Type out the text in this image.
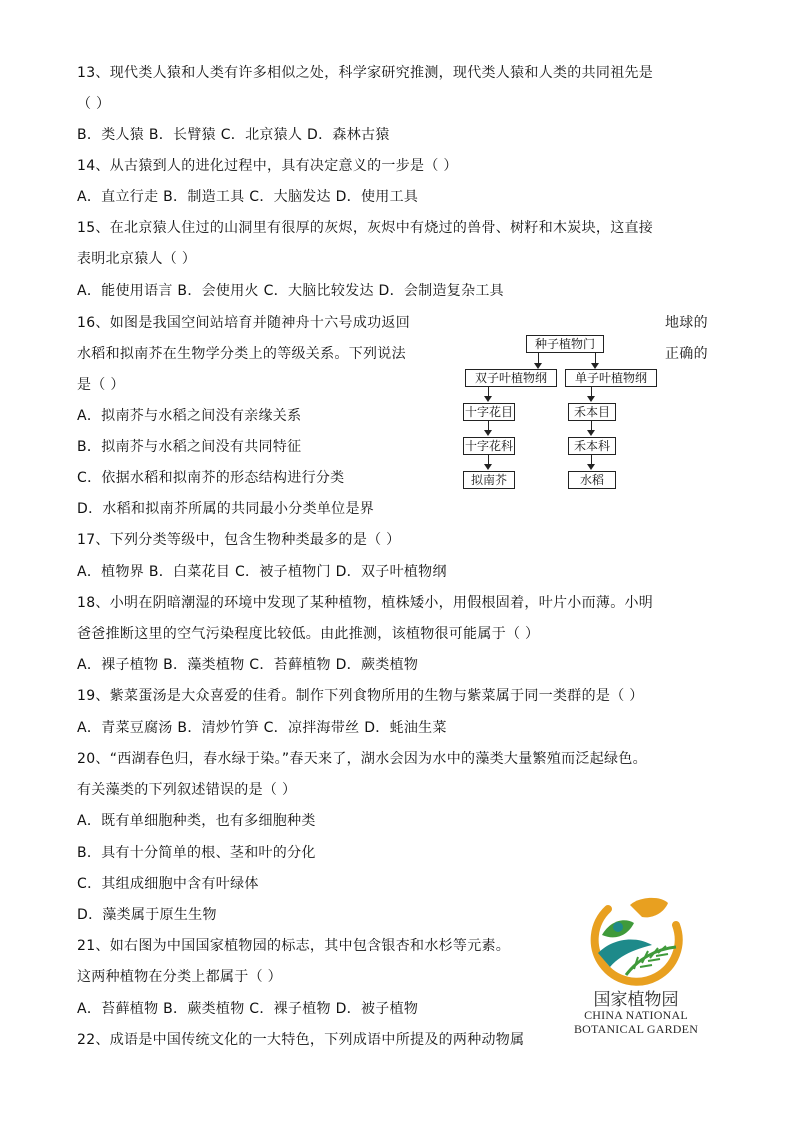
13、现代类人猿和人类有许多相似之处，科学家研究推测，现代类人猿和人类的共同祖先是
（ ）
B．类人猿 B．长臂猿 C．北京猿人 D．森林古猿
14、从古猿到人的进化过程中，具有决定意义的一步是（ ）
A．直立行走 B．制造工具 C．大脑发达 D．使用工具
15、在北京猿人住过的山洞里有很厚的灰烬，灰烬中有烧过的兽骨、树籽和木炭块，这直接
表明北京猿人（ ）
A．能使用语言 B．会使用火 C．大脑比较发达 D．会制造复杂工具
16、如图是我国空间站培育并随神舟十六号成功返回	地球的
水稻和拟南芥在生物学分类上的等级关系。下列说法	正确的
是（ ）
A．拟南芥与水稻之间没有亲缘关系
B．拟南芥与水稻之间没有共同特征
C．依据水稻和拟南芥的形态结构进行分类
D．水稻和拟南芥所属的共同最小分类单位是界
17、下列分类等级中，包含生物种类最多的是（ ）
A．植物界 B．白菜花目 C．被子植物门 D．双子叶植物纲
18、小明在阴暗潮湿的环境中发现了某种植物，植株矮小，用假根固着，叶片小而薄。小明
爸爸推断这里的空气污染程度比较低。由此推测，该植物很可能属于（ ）
A．裸子植物 B．藻类植物 C．苔藓植物 D．蕨类植物
19、紫菜蛋汤是大众喜爱的佳肴。制作下列食物所用的生物与紫菜属于同一类群的是（ ）
A．青菜豆腐汤 B．清炒竹笋 C．凉拌海带丝 D．蚝油生菜
20、“西湖春色归，春水绿于染。”春天来了，湖水会因为水中的藻类大量繁殖而泛起绿色。
有关藻类的下列叙述错误的是（ ）
A．既有单细胞种类，也有多细胞种类
B．具有十分简单的根、茎和叶的分化
C．其组成细胞中含有叶绿体
D．藻类属于原生生物
21、如右图为中国国家植物园的标志，其中包含银杏和水杉等元素。
这两种植物在分类上都属于（ ）
A．苔藓植物 B．蕨类植物 C．裸子植物 D．被子植物
22、成语是中国传统文化的一大特色，下列成语中所提及的两种动物属
种子植物门
双子叶植物纲	单子叶植物纲
十字花目	禾本目
十字花科	禾本科
拟南芥	水稻
国家植物园
CHINA NATIONAL
BOTANICAL GARDEN
